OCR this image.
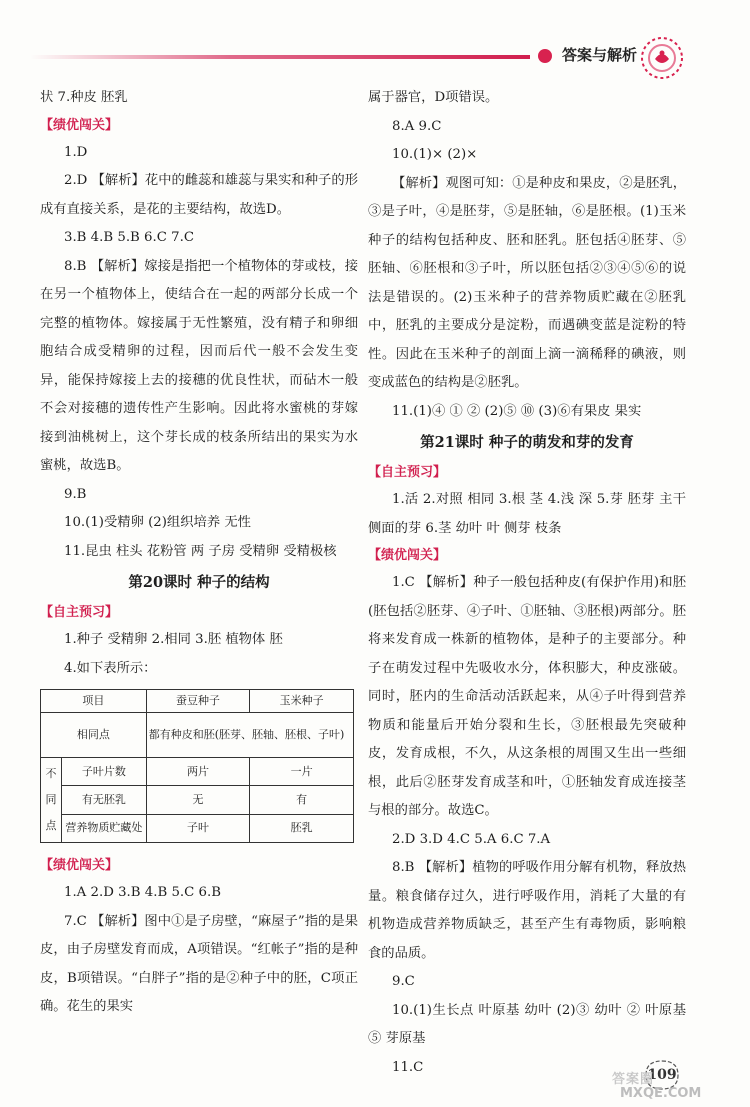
答案与解析

状 7.种皮 胚乳

【绩优闯关】

1.D

2.D 【解析】花中的雌蕊和雄蕊与果实和种子的形成有直接关系，是花的主要结构，故选D。

3.B 4.B 5.B 6.C 7.C

8.B 【解析】嫁接是指把一个植物体的芽或枝，接在另一个植物体上，使结合在一起的两部分长成一个完整的植物体。嫁接属于无性繁殖，没有精子和卵细胞结合成受精卵的过程，因而后代一般不会发生变异，能保持嫁接上去的接穗的优良性状，而砧木一般不会对接穗的遗传性产生影响。因此将水蜜桃的芽嫁接到油桃树上，这个芽长成的枝条所结出的果实为水蜜桃，故选B。

9.B

10.(1)受精卵 (2)组织培养 无性

11.昆虫 柱头 花粉管 两 子房 受精卵 受精极核

第20课时 种子的结构

【自主预习】

1.种子 受精卵 2.相同 3.胚 植物体 胚

4.如下表所示：

项目		蚕豆种子	玉米种子
相同点		都有种皮和胚(胚芽、胚轴、胚根、子叶)	
不同点	子叶片数	两片	一片
	有无胚乳	无	有
	营养物质贮藏处	子叶	胚乳

【绩优闯关】

1.A 2.D 3.B 4.B 5.C 6.B

7.C 【解析】图中①是子房壁，“麻屋子”指的是果皮，由子房壁发育而成，A项错误。“红帐子”指的是种皮，B项错误。“白胖子”指的是②种子中的胚，C项正确。花生的果实

属于器官，D项错误。

8.A 9.C

10.(1)× (2)×

【解析】观图可知：①是种皮和果皮，②是胚乳，③是子叶，④是胚芽，⑤是胚轴，⑥是胚根。(1)玉米种子的结构包括种皮、胚和胚乳。胚包括④胚芽、⑤胚轴、⑥胚根和③子叶，所以胚包括②③④⑤⑥的说法是错误的。(2)玉米种子的营养物质贮藏在②胚乳中，胚乳的主要成分是淀粉，而遇碘变蓝是淀粉的特性。因此在玉米种子的剖面上滴一滴稀释的碘液，则变成蓝色的结构是②胚乳。

11.(1)④ ① ② (2)⑤ ⑩ (3)⑥有果皮 果实

第21课时 种子的萌发和芽的发育

【自主预习】

1.活 2.对照 相同 3.根 茎 4.浅 深 5.芽 胚芽 主干侧面的芽 6.茎 幼叶 叶 侧芽 枝条

【绩优闯关】

1.C 【解析】种子一般包括种皮(有保护作用)和胚(胚包括②胚芽、④子叶、①胚轴、③胚根)两部分。胚将来发育成一株新的植物体，是种子的主要部分。种子在萌发过程中先吸收水分，体积膨大，种皮涨破。同时，胚内的生命活动活跃起来，从④子叶得到营养物质和能量后开始分裂和生长，③胚根最先突破种皮，发育成根，不久，从这条根的周围又生出一些细根，此后②胚芽发育成茎和叶，①胚轴发育成连接茎与根的部分。故选C。

2.D 3.D 4.C 5.A 6.C 7.A

8.B 【解析】植物的呼吸作用分解有机物，释放热量。粮食储存过久，进行呼吸作用，消耗了大量的有机物造成营养物质缺乏，甚至产生有毒物质，影响粮食的品质。

9.C

10.(1)生长点 叶原基 幼叶 (2)③ 幼叶 ② 叶原基 ⑤ 芽原基

11.C	109
答案圈
MXQE.COM
